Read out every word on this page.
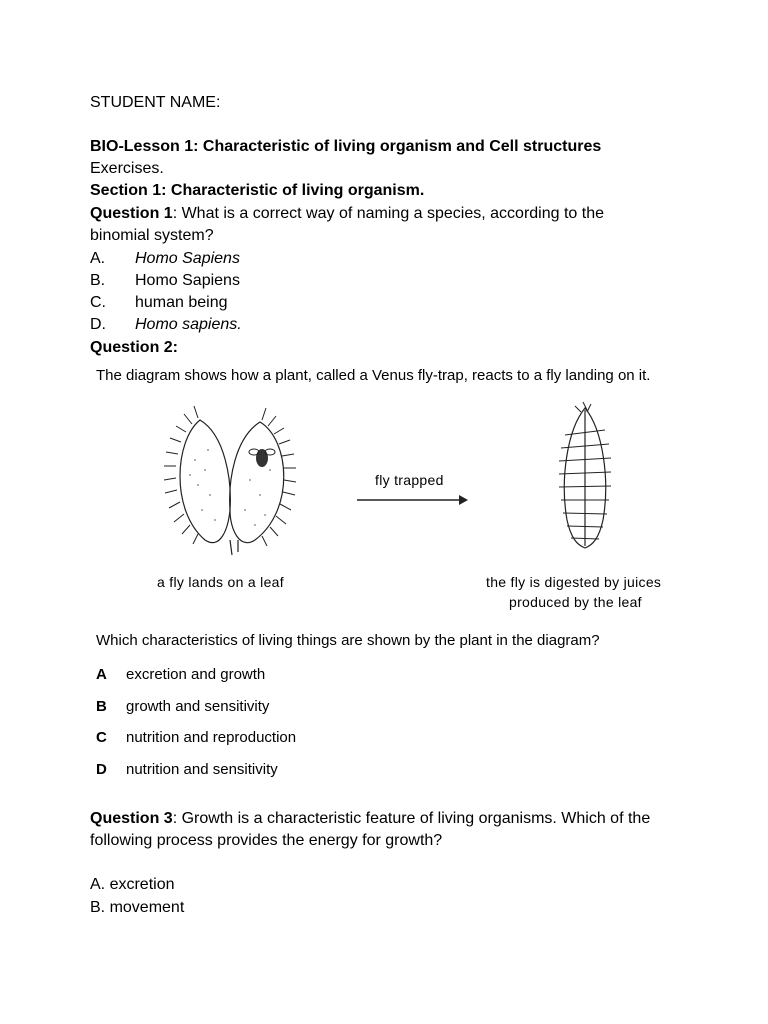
STUDENT NAME:
BIO-Lesson 1: Characteristic of living organism and Cell structures
Exercises.
Section 1: Characteristic of living organism.
Question 1: What is a correct way of naming a species, according to the
binomial system?
A. Homo Sapiens
B. Homo Sapiens
C. human being
D. Homo sapiens.
Question 2:
The diagram shows how a plant, called a Venus fly-trap, reacts to a fly landing on it.
fly trapped
a fly lands on a leaf	the fly is digested by juices
produced by the leaf
Which characteristics of living things are shown by the plant in the diagram?
A excretion and growth
B growth and sensitivity
C nutrition and reproduction
D nutrition and sensitivity
Question 3: Growth is a characteristic feature of living organisms. Which of the
following process provides the energy for growth?
A. excretion
B. movement
